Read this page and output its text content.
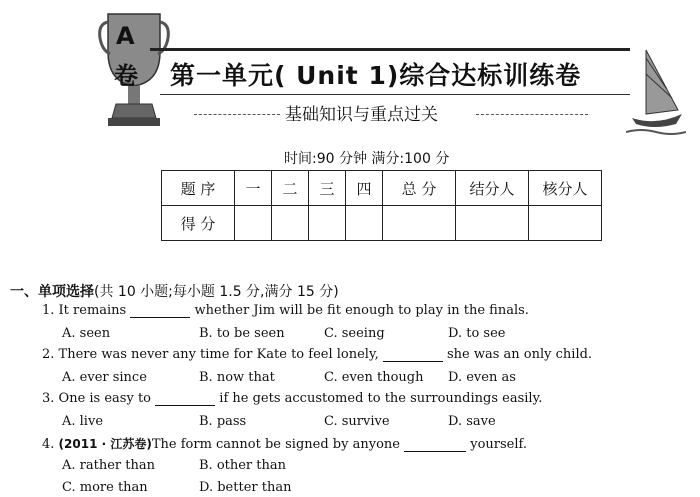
A
卷 第一单元( Unit 1)综合达标训练卷
基础知识与重点过关
时间:90 分钟 满分:100 分
题 序	一	二	三	四	总 分	结分人	核分人
得 分							
一、单项选择(共 10 小题;每小题 1.5 分,满分 15 分)
1. It remains	whether Jim will be fit enough to play in the finals.
A. seen	B. to be seen	C. seeing	D. to see
2. There was never any time for Kate to feel lonely,	she was an only child.
A. ever since	B. now that	C. even though D. even as
3. One is easy to	if he gets accustomed to the surroundings easily.
A. live	B. pass	C. survive	D. save
4. (2011 · 江苏卷)The form cannot be signed by anyone	yourself.
A. rather than	B. other than
C. more than	D. better than
